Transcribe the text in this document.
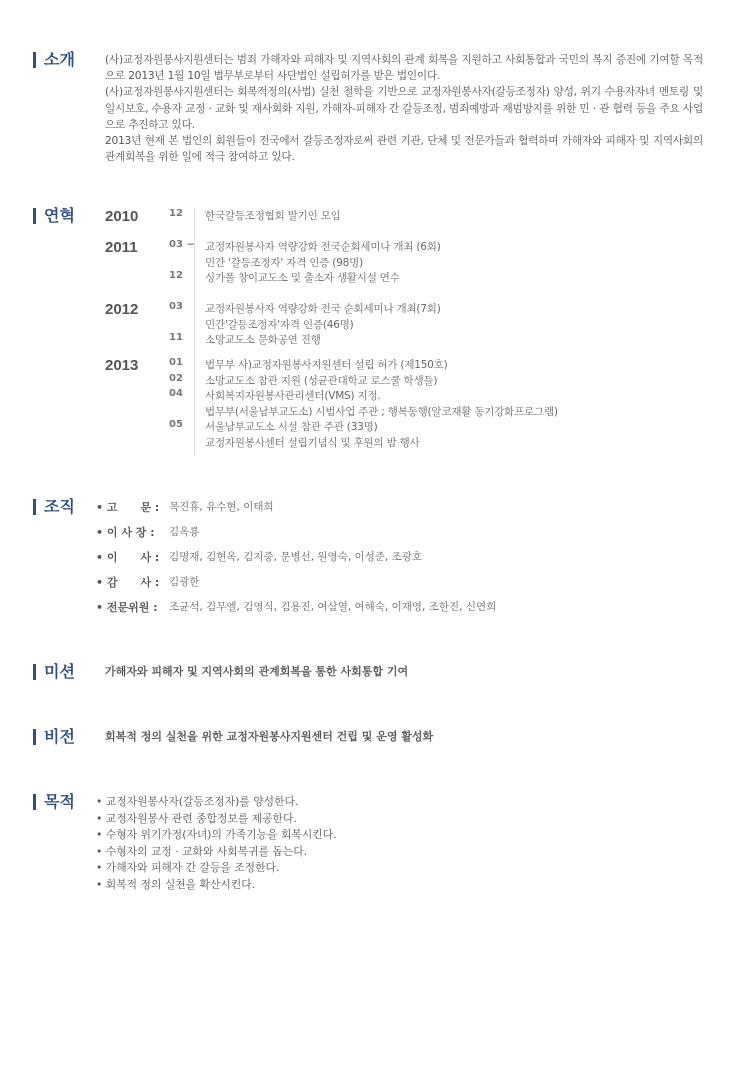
소개	(사)교정자원봉사지원센터는 범죄 가해자와 피해자 및 지역사회의 관계 회복을 지원하고 사회통합과 국민의 복지 증진에 기여할 목적으로 2013년 1월 10일 법무부로부터 사단법인 설립허가를 받은 법인이다.

(사)교정자원봉사지원센터는 회복적정의(사법) 실천 철학을 기반으로 교정자원봉사자(갈등조정자) 양성, 위기 수용자자녀 멘토링 및 일시보호, 수용자 교정 · 교화 및 재사회화 지원, 가해자-피해자 간 갈등조정, 범죄예방과 재범방지를 위한 민 · 관 협력 등을 주요 사업으로 추진하고 있다.

2013년 현재 본 법인의 회원들이 전국에서 갈등조정자로써 관련 기관, 단체 및 전문가들과 협력하며 가해자와 피해자 및 지역사회의 관계회복을 위한 일에 적극 참여하고 있다.

연혁 2010	12	한국갈등조정협회 발기인 모임
2011	03 ~ 교정자원봉사자 역량강화 전국순회세미나 개최 (6회)
민간 '갈등조정자' 자격 인증 (98명)
12	싱가폴 창이교도소 및 출소자 생활시설 연수
2012	03	교정자원봉사자 역량강화 전국 순회세미나 개최(7회)
민간'갈등조정자'자격 인증(46명)
11	소망교도소 문화공연 진행
2013	01	법무부 사)교정자원봉사지원센터 설립 허가 (제150호)
02	소망교도소 참관 지원 (성균관대학교 로스쿨 학생들)
04	사회복지자원봉사관리센터(VMS) 지정.
법무부(서울남부교도소) 시범사업 주관 ; 행복동행(알코재활 동기강화프로그램)
05	서울남부교도소 시설 참관 주관 (33명)
교정자원봉사센터 설립기념식 및 후원의 밤 행사
조직 • 고      문 : 목진휴, 유수현, 이태희
• 이 사 장 : 김옥룡
• 이      사 : 김명재, 김현옥, 김지중, 문병선, 원영숙, 이성준, 조광호
• 감      사 : 김광한
• 전문위원 : 조균석, 김무엘, 김영식, 김용진, 여삼열, 여해숙, 이재영, 조한진, 신연희
미션	가해자와 피해자 및 지역사회의 관계회복을 통한 사회통합 기여

비전	회복적 정의 실천을 위한 교정자원봉사지원센터 건립 및 운영 활성화

목적 • 교정자원봉사자(갈등조정자)를 양성한다.
• 교정자원봉사 관련 종합정보를 제공한다.
• 수형자 위기가정(자녀)의 가족기능을 회복시킨다.
• 수형자의 교정 · 교화와 사회복귀를 돕는다.
• 가해자와 피해자 간 갈등을 조정한다.
• 회복적 정의 실천을 확산시킨다.
